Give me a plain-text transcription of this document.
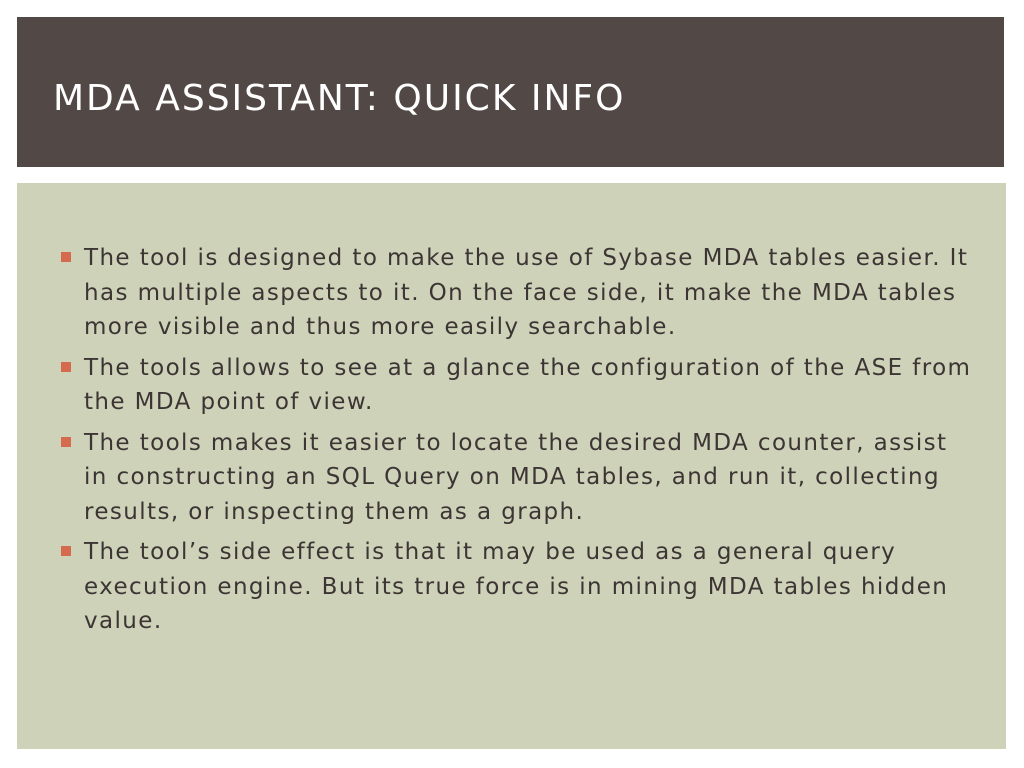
MDA ASSISTANT: QUICK INFO
The tool is designed to make the use of Sybase MDA tables easier. It has multiple aspects to it. On the face side, it make the MDA tables more visible and thus more easily searchable.
The tools allows to see at a glance the configuration of the ASE from the MDA point of view.
The tools makes it easier to locate the desired MDA counter, assist in constructing an SQL Query on MDA tables, and run it, collecting results, or inspecting them as a graph.
The tool’s side effect is that it may be used as a general query execution engine. But its true force is in mining MDA tables hidden value.
